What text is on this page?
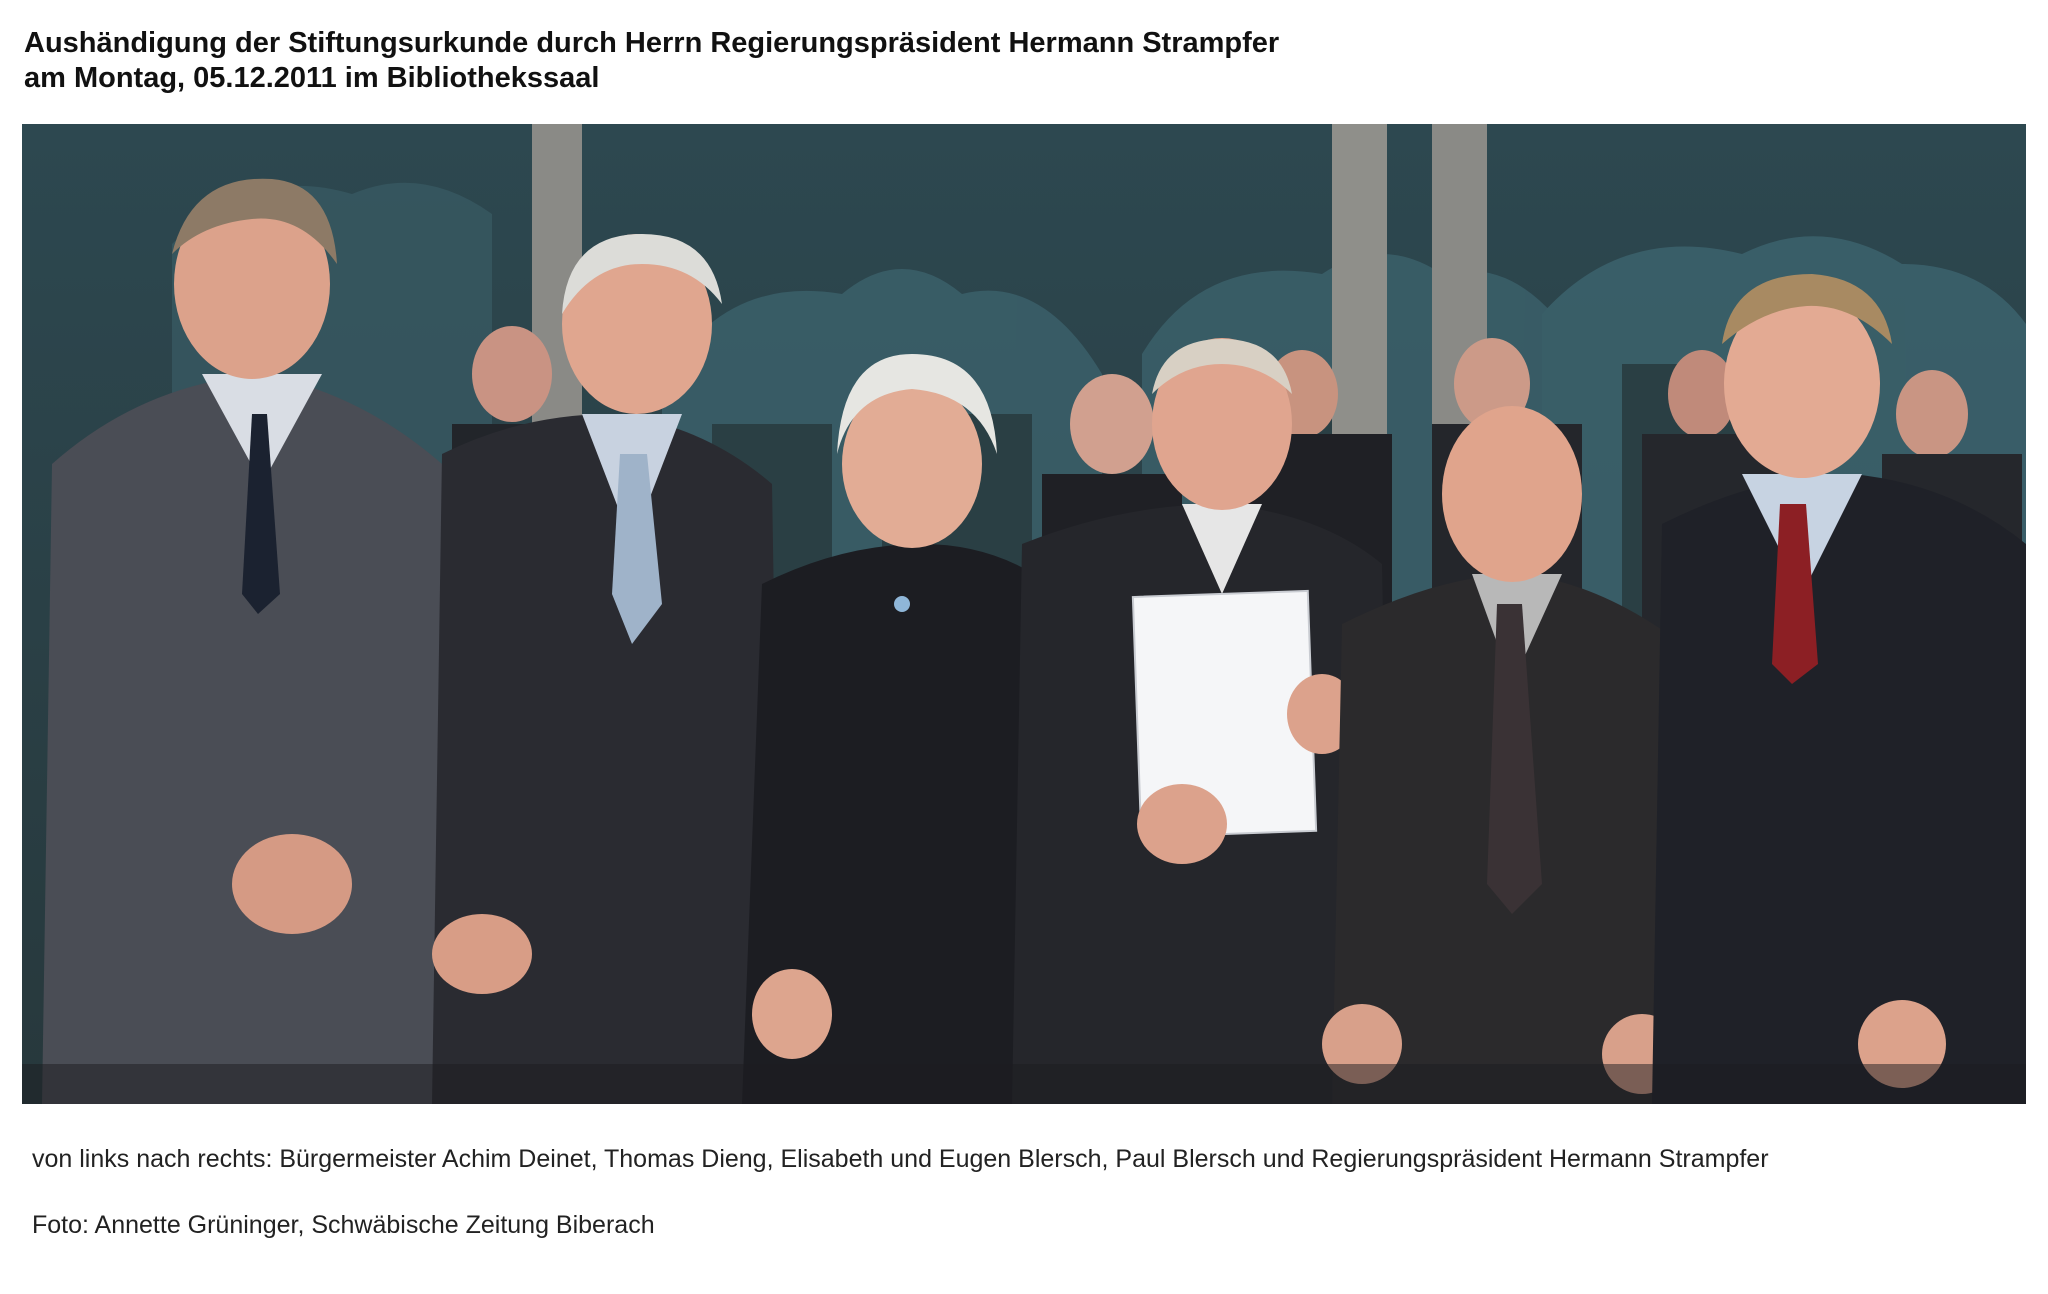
Aushändigung der Stiftungsurkunde durch Herrn Regierungspräsident Hermann Strampfer
am Montag, 05.12.2011 im Bibliothekssaal
von links nach rechts: Bürgermeister Achim Deinet, Thomas Dieng, Elisabeth und Eugen Blersch, Paul Blersch und Regierungspräsident Hermann Strampfer
Foto: Annette Grüninger, Schwäbische Zeitung Biberach
